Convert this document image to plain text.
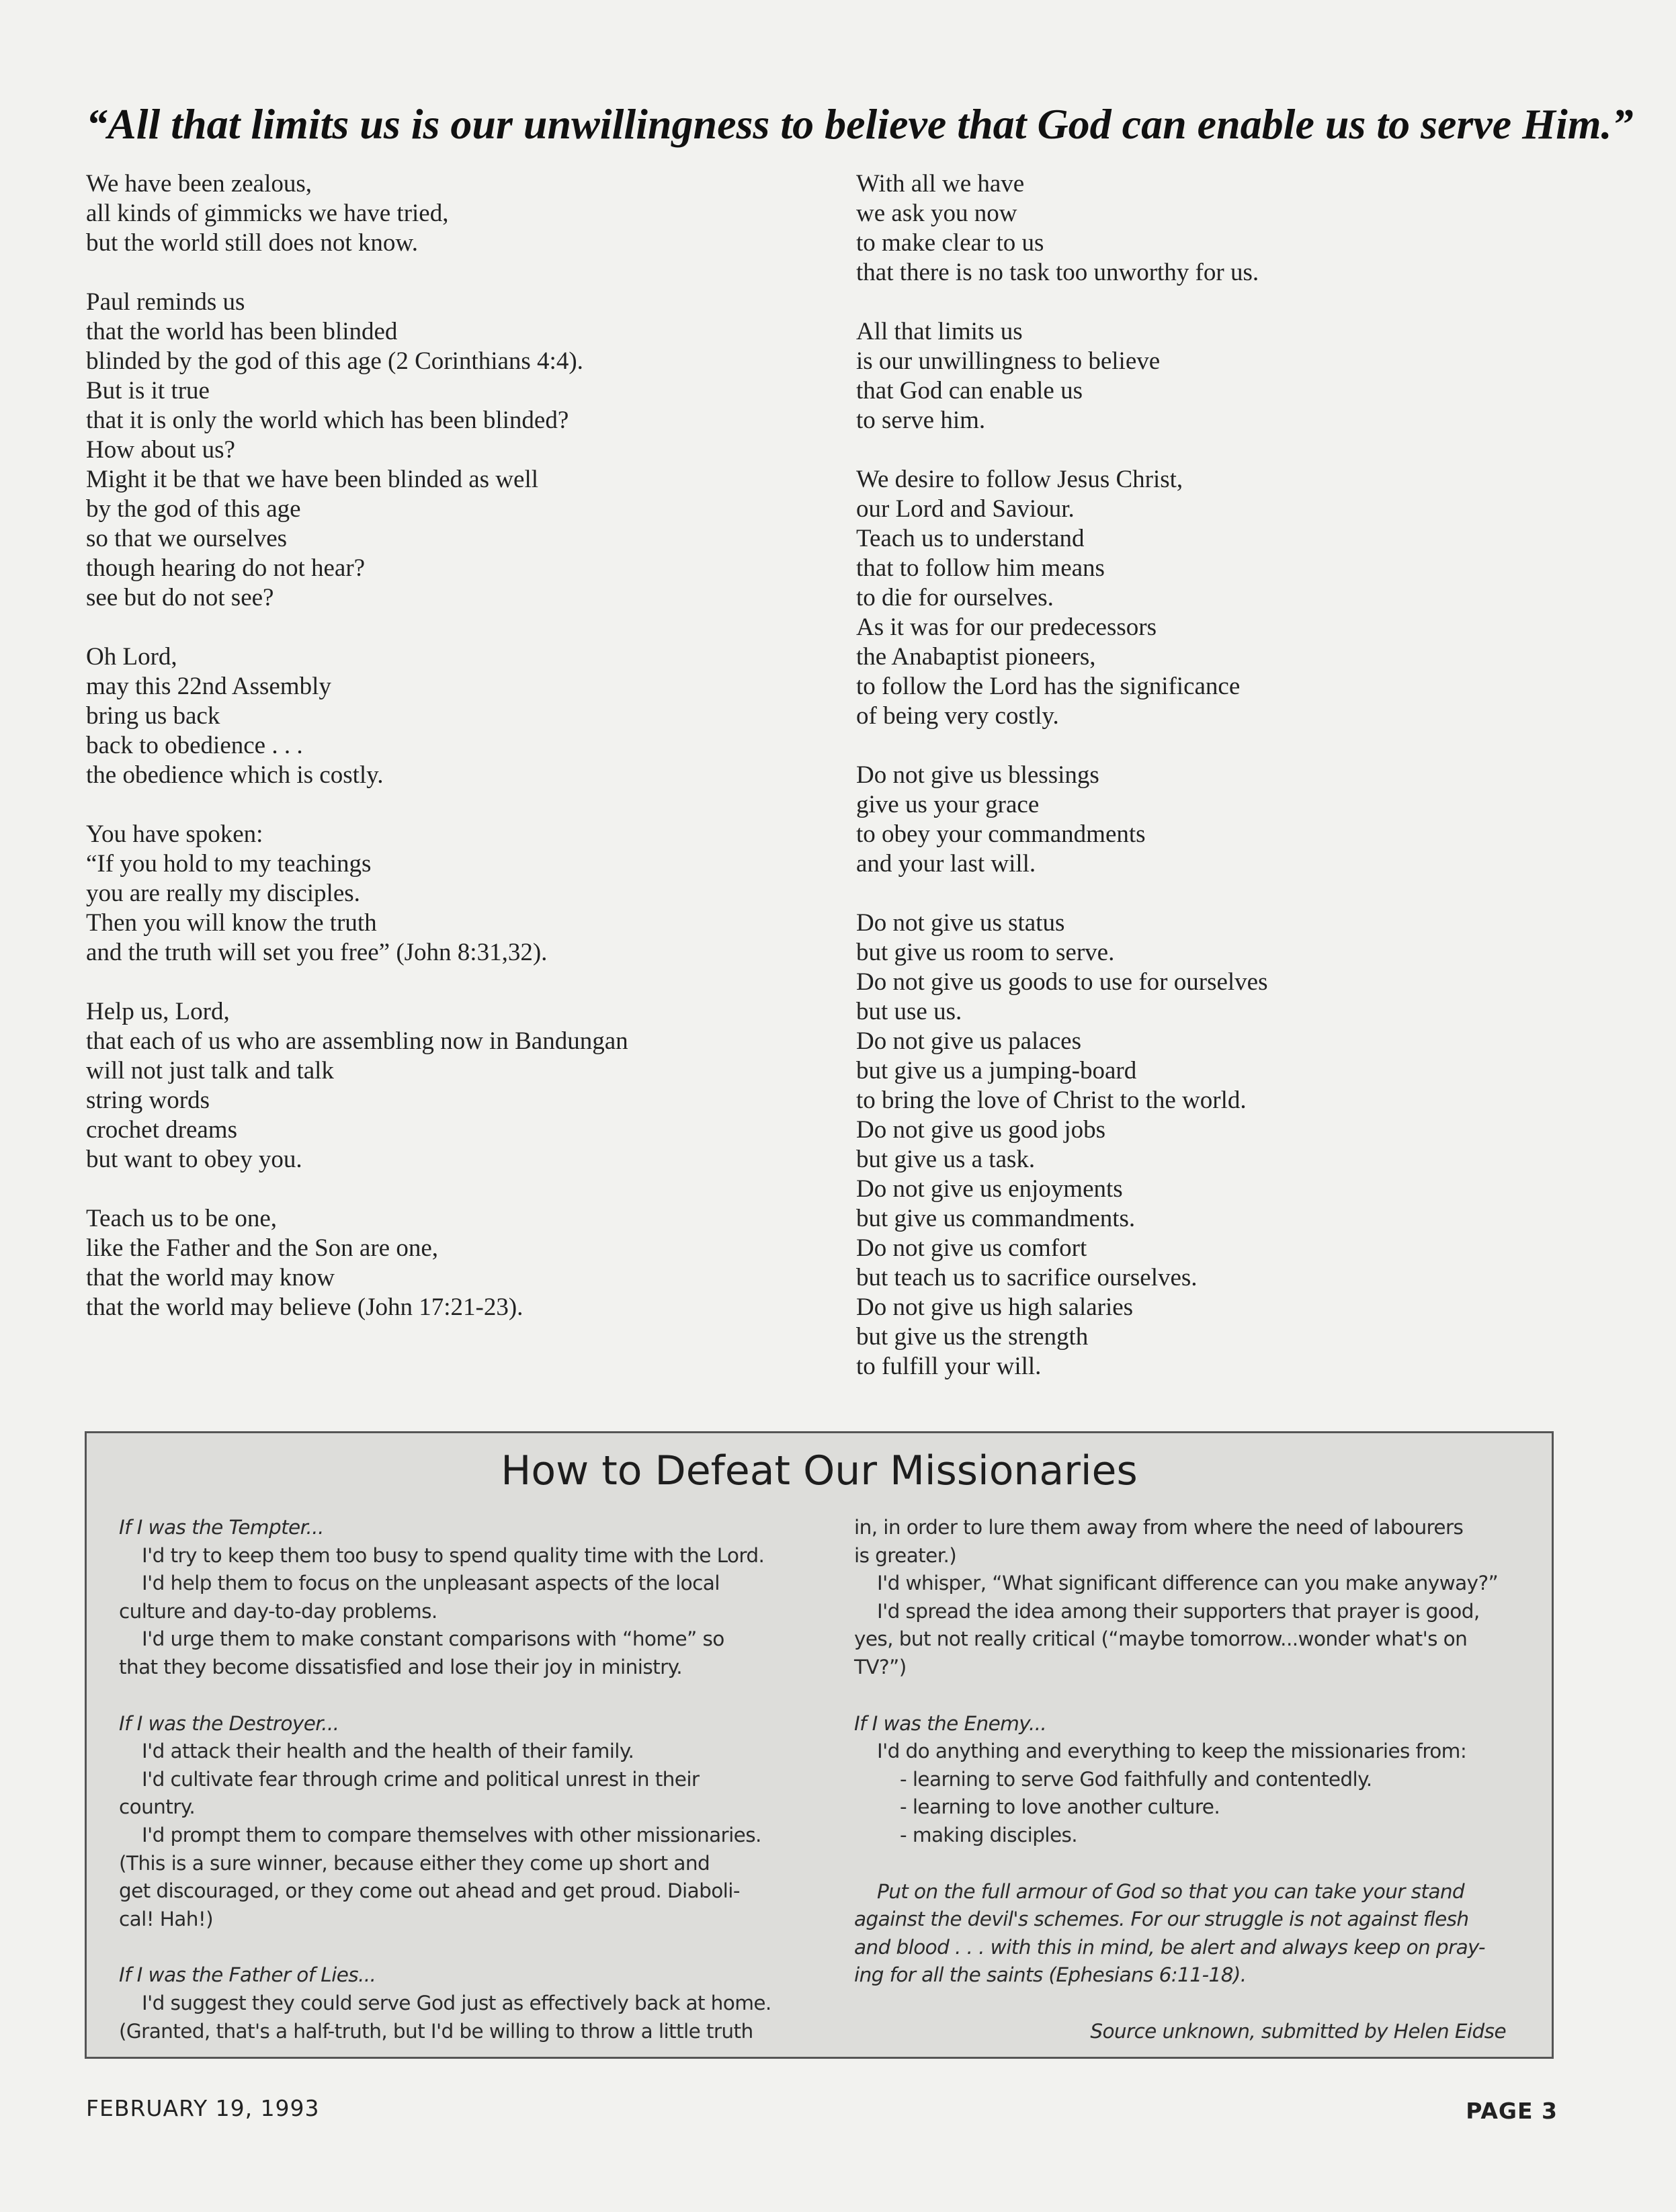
“All that limits us is our unwillingness to believe that God can enable us to serve Him.”
We have been zealous,
all kinds of gimmicks we have tried,
but the world still does not know.
Paul reminds us
that the world has been blinded
blinded by the god of this age (2 Corinthians 4:4).
But is it true
that it is only the world which has been blinded?
How about us?
Might it be that we have been blinded as well
by the god of this age
so that we ourselves
though hearing do not hear?
see but do not see?
Oh Lord,
may this 22nd Assembly
bring us back
back to obedience . . .
the obedience which is costly.
You have spoken:
“If you hold to my teachings
you are really my disciples.
Then you will know the truth
and the truth will set you free” (John 8:31,32).
Help us, Lord,
that each of us who are assembling now in Bandungan
will not just talk and talk
string words
crochet dreams
but want to obey you.
Teach us to be one,
like the Father and the Son are one,
that the world may know
that the world may believe (John 17:21-23).
With all we have
we ask you now
to make clear to us
that there is no task too unworthy for us.
All that limits us
is our unwillingness to believe
that God can enable us
to serve him.
We desire to follow Jesus Christ,
our Lord and Saviour.
Teach us to understand
that to follow him means
to die for ourselves.
As it was for our predecessors
the Anabaptist pioneers,
to follow the Lord has the significance
of being very costly.
Do not give us blessings
give us your grace
to obey your commandments
and your last will.
Do not give us status
but give us room to serve.
Do not give us goods to use for ourselves
but use us.
Do not give us palaces
but give us a jumping-board
to bring the love of Christ to the world.
Do not give us good jobs
but give us a task.
Do not give us enjoyments
but give us commandments.
Do not give us comfort
but teach us to sacrifice ourselves.
Do not give us high salaries
but give us the strength
to fulfill your will.
How to Defeat Our Missionaries
If I was the Tempter...
I'd try to keep them too busy to spend quality time with the Lord.
I'd help them to focus on the unpleasant aspects of the local
culture and day-to-day problems.
I'd urge them to make constant comparisons with “home” so
that they become dissatisfied and lose their joy in ministry.
If I was the Destroyer...
I'd attack their health and the health of their family.
I'd cultivate fear through crime and political unrest in their
country.
I'd prompt them to compare themselves with other missionaries.
(This is a sure winner, because either they come up short and
get discouraged, or they come out ahead and get proud. Diaboli-
cal! Hah!)
If I was the Father of Lies...
I'd suggest they could serve God just as effectively back at home.
(Granted, that's a half-truth, but I'd be willing to throw a little truth
in, in order to lure them away from where the need of labourers
is greater.)
I'd whisper, “What significant difference can you make anyway?”
I'd spread the idea among their supporters that prayer is good,
yes, but not really critical (“maybe tomorrow...wonder what's on
TV?”)
If I was the Enemy...
I'd do anything and everything to keep the missionaries from:
- learning to serve God faithfully and contentedly.
- learning to love another culture.
- making disciples.
Put on the full armour of God so that you can take your stand
against the devil's schemes. For our struggle is not against flesh
and blood . . . with this in mind, be alert and always keep on pray-
ing for all the saints (Ephesians 6:11-18).
Source unknown, submitted by Helen Eidse
FEBRUARY 19, 1993	PAGE 3
